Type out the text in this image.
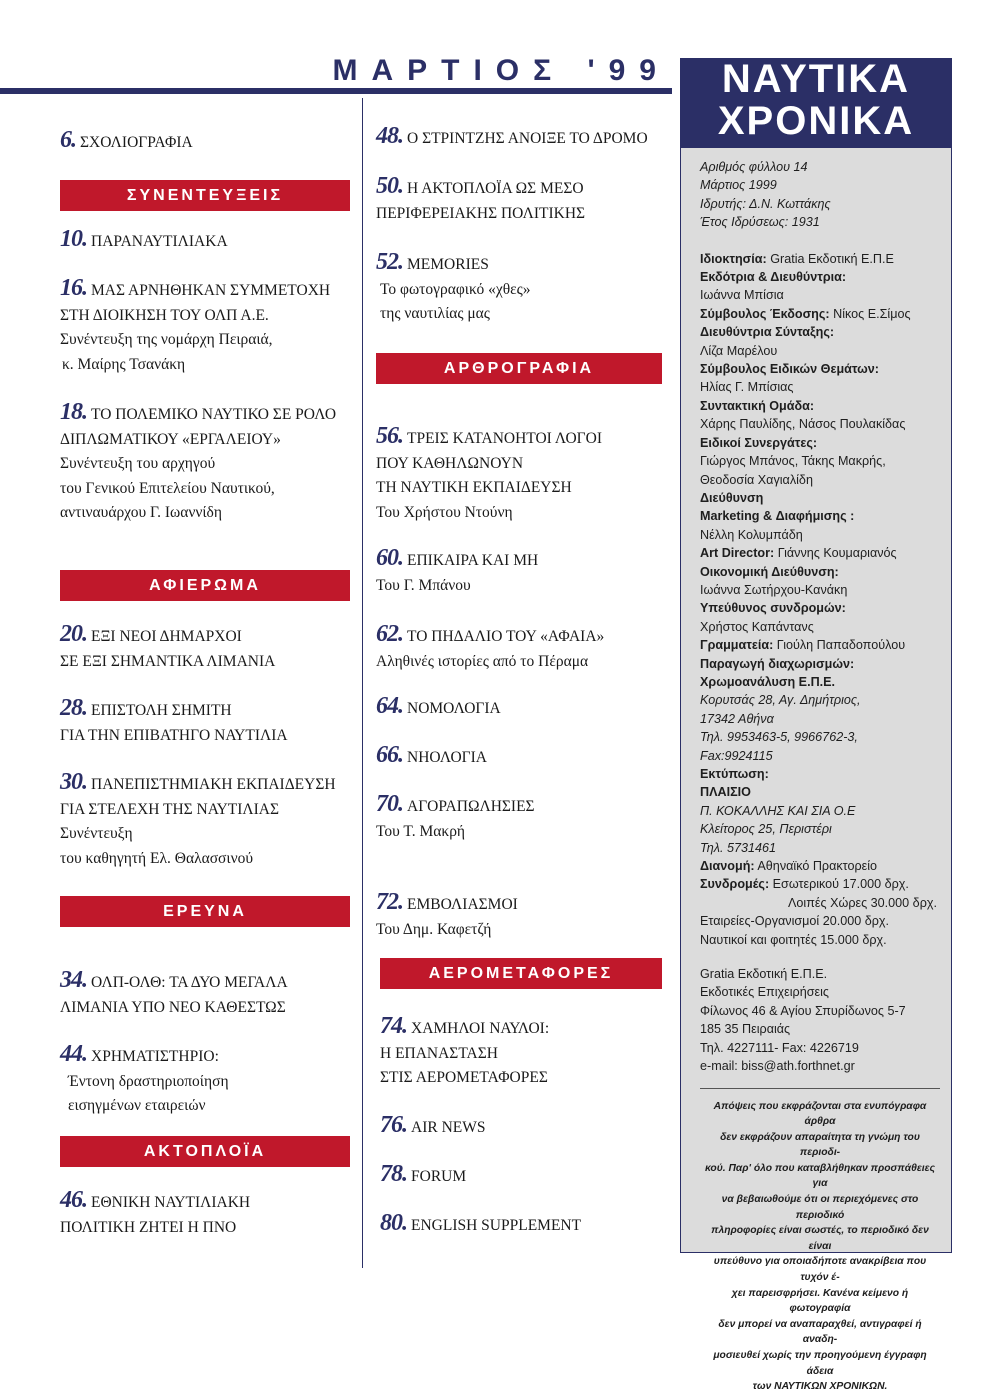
ΜΑΡΤΙΟΣ '99
6. ΣΧΟΛΙΟΓΡΑΦΙΑ
ΣΥΝΕΝΤΕΥΞΕΙΣ
10. ΠΑΡΑΝΑΥΤΙΛΙΑΚΑ
16. ΜΑΣ ΑΡΝΗΘΗΚΑΝ ΣΥΜΜΕΤΟΧΗ
ΣΤΗ ΔΙΟΙΚΗΣΗ ΤΟΥ ΟΛΠ Α.Ε.
Συνέντευξη της νομάρχη Πειραιά,
κ. Μαίρης Τσανάκη
18. ΤΟ ΠΟΛΕΜΙΚΟ ΝΑΥΤΙΚΟ ΣΕ ΡΟΛΟ
ΔΙΠΛΩΜΑΤΙΚΟΥ «ΕΡΓΑΛΕΙΟΥ»
Συνέντευξη του αρχηγού
του Γενικού Επιτελείου Ναυτικού,
αντιναυάρχου Γ. Ιωαννίδη
ΑΦΙΕΡΩΜΑ
20. ΕΞΙ ΝΕΟΙ ΔΗΜΑΡΧΟΙ
ΣΕ ΕΞΙ ΣΗΜΑΝΤΙΚΑ ΛΙΜΑΝΙΑ
28. ΕΠΙΣΤΟΛΗ ΣΗΜΙΤΗ
ΓΙΑ ΤΗΝ ΕΠΙΒΑΤΗΓΟ ΝΑΥΤΙΛΙΑ
30. ΠΑΝΕΠΙΣΤΗΜΙΑΚΗ ΕΚΠΑΙΔΕΥΣΗ
ΓΙΑ ΣΤΕΛΕΧΗ ΤΗΣ ΝΑΥΤΙΛΙΑΣ
Συνέντευξη
του καθηγητή Ελ. Θαλασσινού
ΕΡΕΥΝΑ
34. ΟΛΠ-ΟΛΘ: ΤΑ ΔΥΟ ΜΕΓΑΛΑ
ΛΙΜΑΝΙΑ ΥΠΟ ΝΕΟ ΚΑΘΕΣΤΩΣ
44. ΧΡΗΜΑΤΙΣΤΗΡΙΟ:
Έντονη δραστηριοποίηση
εισηγμένων εταιρειών
ΑΚΤΟΠΛΟΪΑ
46. ΕΘΝΙΚΗ ΝΑΥΤΙΛΙΑΚΗ
ΠΟΛΙΤΙΚΗ ΖΗΤΕΙ Η ΠΝΟ
48. Ο ΣΤΡΙΝΤΖΗΣ ΑΝΟΙΞΕ ΤΟ ΔΡΟΜΟ
50. Η ΑΚΤΟΠΛΟΪΑ ΩΣ ΜΕΣΟ
ΠΕΡΙΦΕΡΕΙΑΚΗΣ ΠΟΛΙΤΙΚΗΣ
52. MEMORIES
Το φωτογραφικό «χθες»
της ναυτιλίας μας
ΑΡΘΡΟΓΡΑΦΙΑ
56. ΤΡΕΙΣ ΚΑΤΑΝΟΗΤΟΙ ΛΟΓΟΙ
ΠΟΥ ΚΑΘΗΛΩΝΟΥΝ
ΤΗ ΝΑΥΤΙΚΗ ΕΚΠΑΙΔΕΥΣΗ
Του Χρήστου Ντούνη
60. ΕΠΙΚΑΙΡΑ ΚΑΙ ΜΗ
Του Γ. Μπάνου
62. ΤΟ ΠΗΔΑΛΙΟ ΤΟΥ «ΑΦΑΙΑ»
Αληθινές ιστορίες από το Πέραμα
64. ΝΟΜΟΛΟΓΙΑ
66. ΝΗΟΛΟΓΙΑ
70. ΑΓΟΡΑΠΩΛΗΣΙΕΣ
Του Τ. Μακρή
72. ΕΜΒΟΛΙΑΣΜΟΙ
Του Δημ. Καφετζή
ΑΕΡΟΜΕΤΑΦΟΡΕΣ
74. ΧΑΜΗΛΟΙ ΝΑΥΛΟΙ:
Η ΕΠΑΝΑΣΤΑΣΗ
ΣΤΙΣ ΑΕΡΟΜΕΤΑΦΟΡΕΣ
76. AIR NEWS
78. FORUM
80. ENGLISH SUPPLEMENT
ΝΑΥΤΙΚΑ
ΧΡΟΝΙΚΑ
Αριθμός φύλλου 14
Μάρτιος 1999
Ιδρυτής: Δ.Ν. Κωττάκης
Έτος Ιδρύσεως: 1931
Ιδιοκτησία: Gratia Εκδοτική Ε.Π.Ε
Εκδότρια & Διευθύντρια:
Ιωάννα Μπίσια
Σύμβουλος Έκδοσης: Νίκος Ε.Σίμος
Διευθύντρια Σύνταξης:
Λίζα Μαρέλου
Σύμβουλος Ειδικών Θεμάτων:
Ηλίας Γ. Μπίσιας
Συντακτική Ομάδα:
Χάρης Παυλίδης, Νάσος Πουλακίδας
Ειδικοί Συνεργάτες:
Γιώργος Μπάνος, Τάκης Μακρής,
Θεοδοσία Χαγιαλίδη
Διεύθυνση
Marketing & Διαφήμισης :
Νέλλη Κολυμπάδη
Art Director: Γιάννης Κουμαριανός
Οικονομική Διεύθυνση:
Ιωάννα Σωτήρχου-Κανάκη
Υπεύθυνος συνδρομών:
Χρήστος Καπάντανς
Γραμματεία: Γιούλη Παπαδοπούλου
Παραγωγή διαχωρισμών:
Χρωμοανάλυση Ε.Π.Ε.
Κορυτσάς 28, Αγ. Δημήτριος,
17342 Αθήνα
Τηλ. 9953463-5, 9966762-3,
Fax:9924115
Εκτύπωση:
ΠΛΑΙΣΙΟ
Π. ΚΟΚΑΛΛΗΣ ΚΑΙ ΣΙΑ Ο.Ε
Κλείτορος 25, Περιστέρι
Τηλ. 5731461
Διανομή: Αθηναϊκό Πρακτορείο
Συνδρομές: Εσωτερικού 17.000 δρχ.
Λοιπές Χώρες 30.000 δρχ.
Εταιρείες-Οργανισμοί 20.000 δρχ.
Ναυτικοί και φοιτητές 15.000 δρχ.
Gratia Εκδοτική Ε.Π.Ε.
Εκδοτικές Επιχειρήσεις
Φίλωνος 46 & Αγίου Σπυρίδωνος 5-7
185 35 Πειραιάς
Τηλ. 4227111- Fax: 4226719
e-mail: biss@ath.forthnet.gr
Απόψεις που εκφράζονται στα ενυπόγραφα άρθρα
δεν εκφράζουν απαραίτητα τη γνώμη του περιοδι-
κού. Παρ' όλο που καταβλήθηκαν προσπάθειες για
να βεβαιωθούμε ότι οι περιεχόμενες στο περιοδικό
πληροφορίες είναι σωστές, το περιοδικό δεν είναι
υπεύθυνο για οποιαδήποτε ανακρίβεια που τυχόν έ-
χει παρεισφρήσει. Κανένα κείμενο ή φωτογραφία
δεν μπορεί να αναπαραχθεί, αντιγραφεί ή αναδη-
μοσιευθεί χωρίς την προηγούμενη έγγραφη άδεια
των ΝΑΥΤΙΚΩΝ ΧΡΟΝΙΚΩΝ.
